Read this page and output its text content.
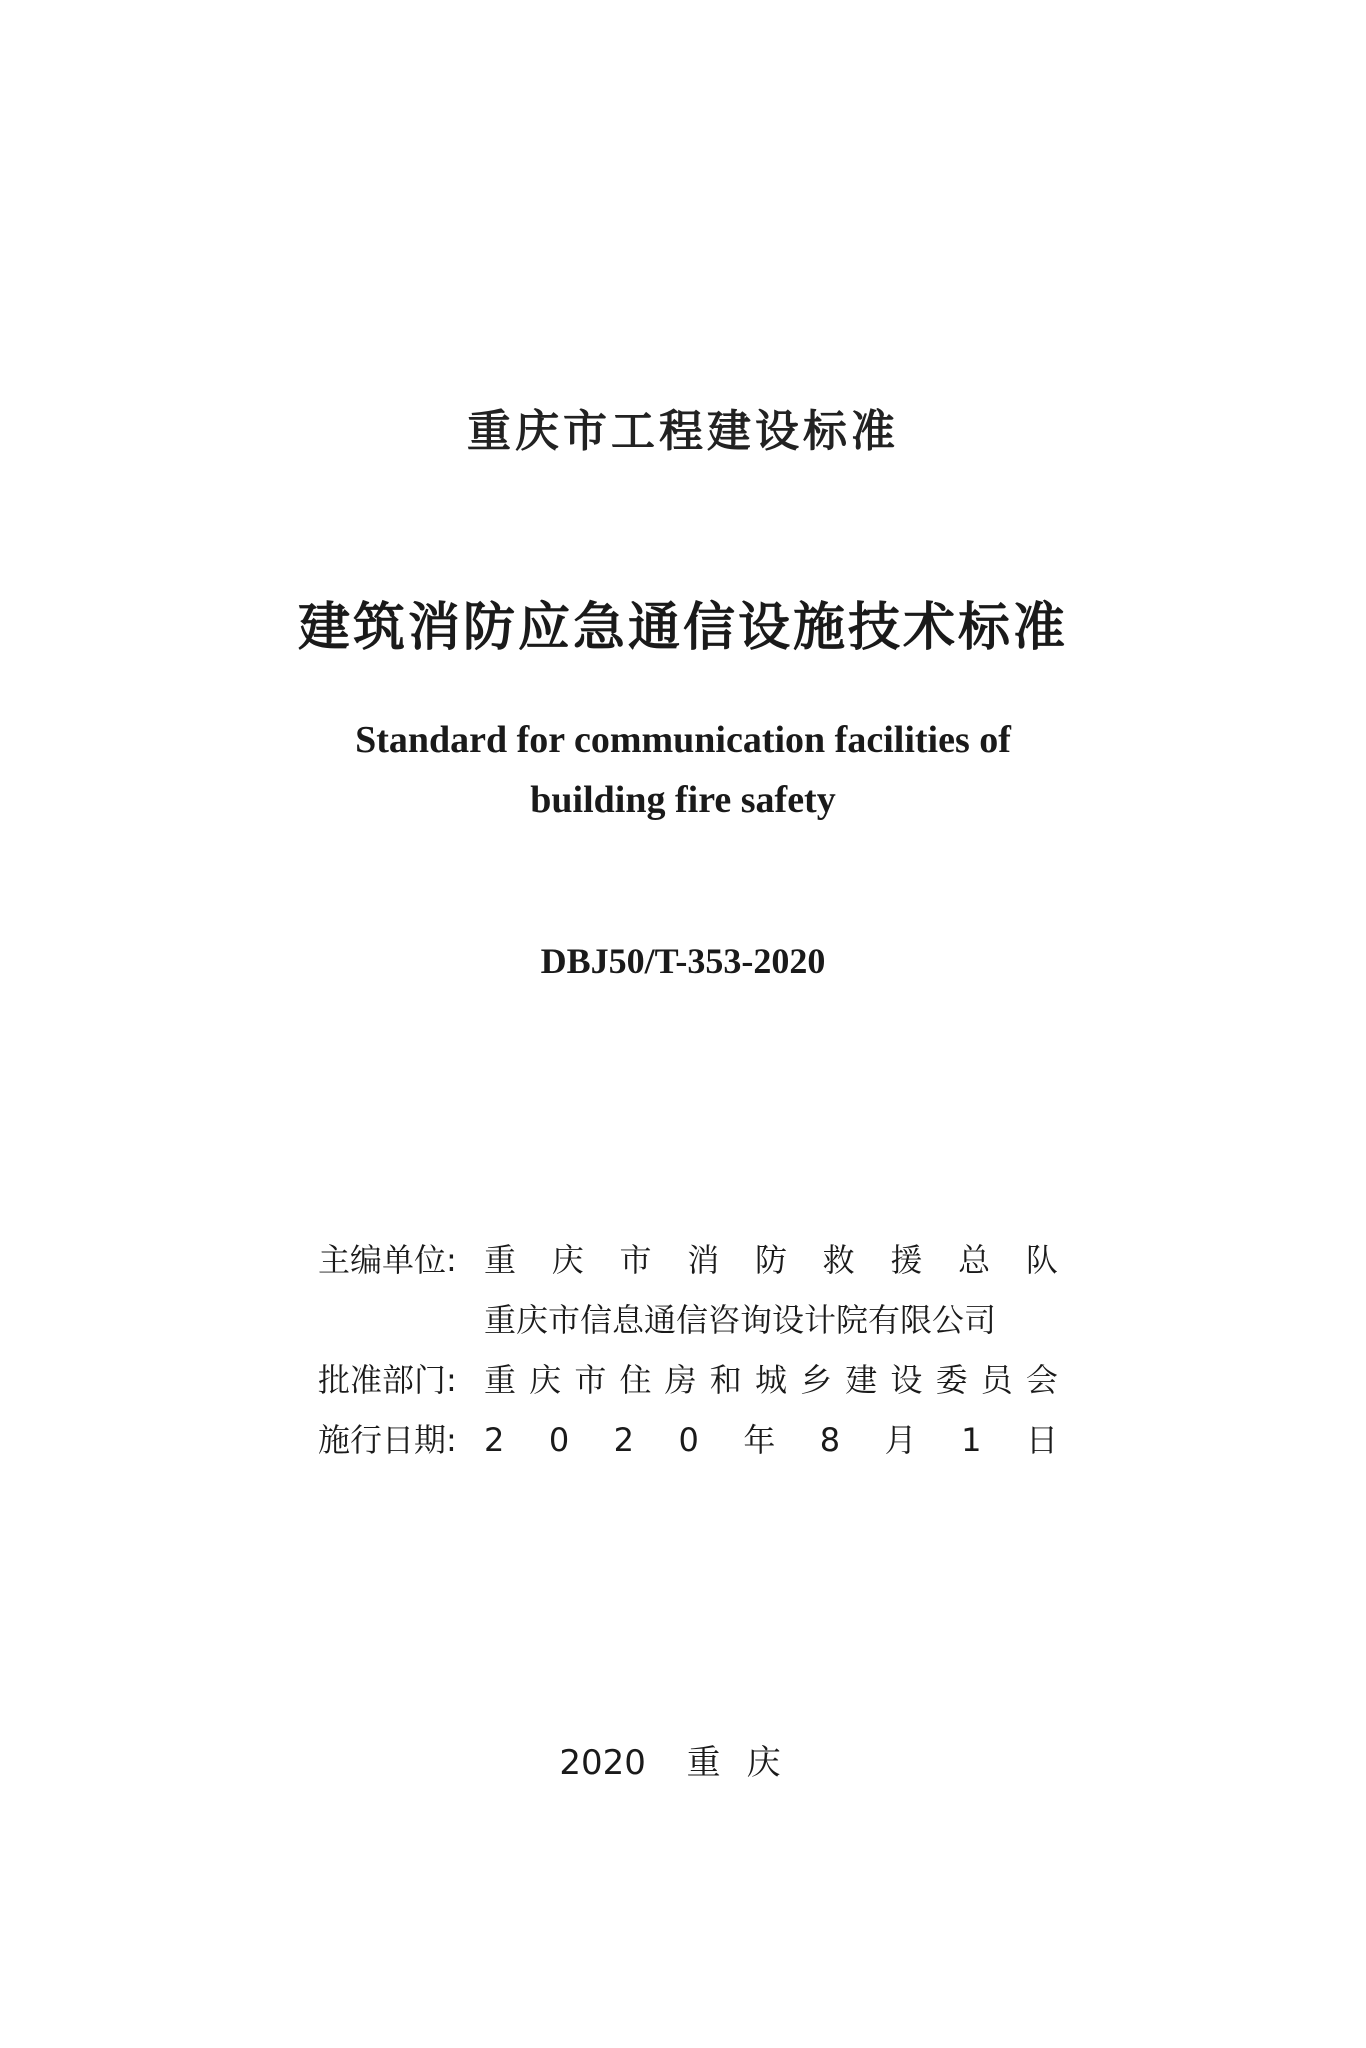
重庆市工程建设标准
建筑消防应急通信设施技术标准
Standard for communication facilities of
building fire safety
DBJ50/T-353-2020
主编单位: 重 庆 市 消 防 救 援 总 队
重庆市信息通信咨询设计院有限公司
批准部门: 重 庆 市 住 房 和 城 乡 建 设 委 员 会
施行日期: 2 0 2 0 年 8 月 1 日
2020 重庆
